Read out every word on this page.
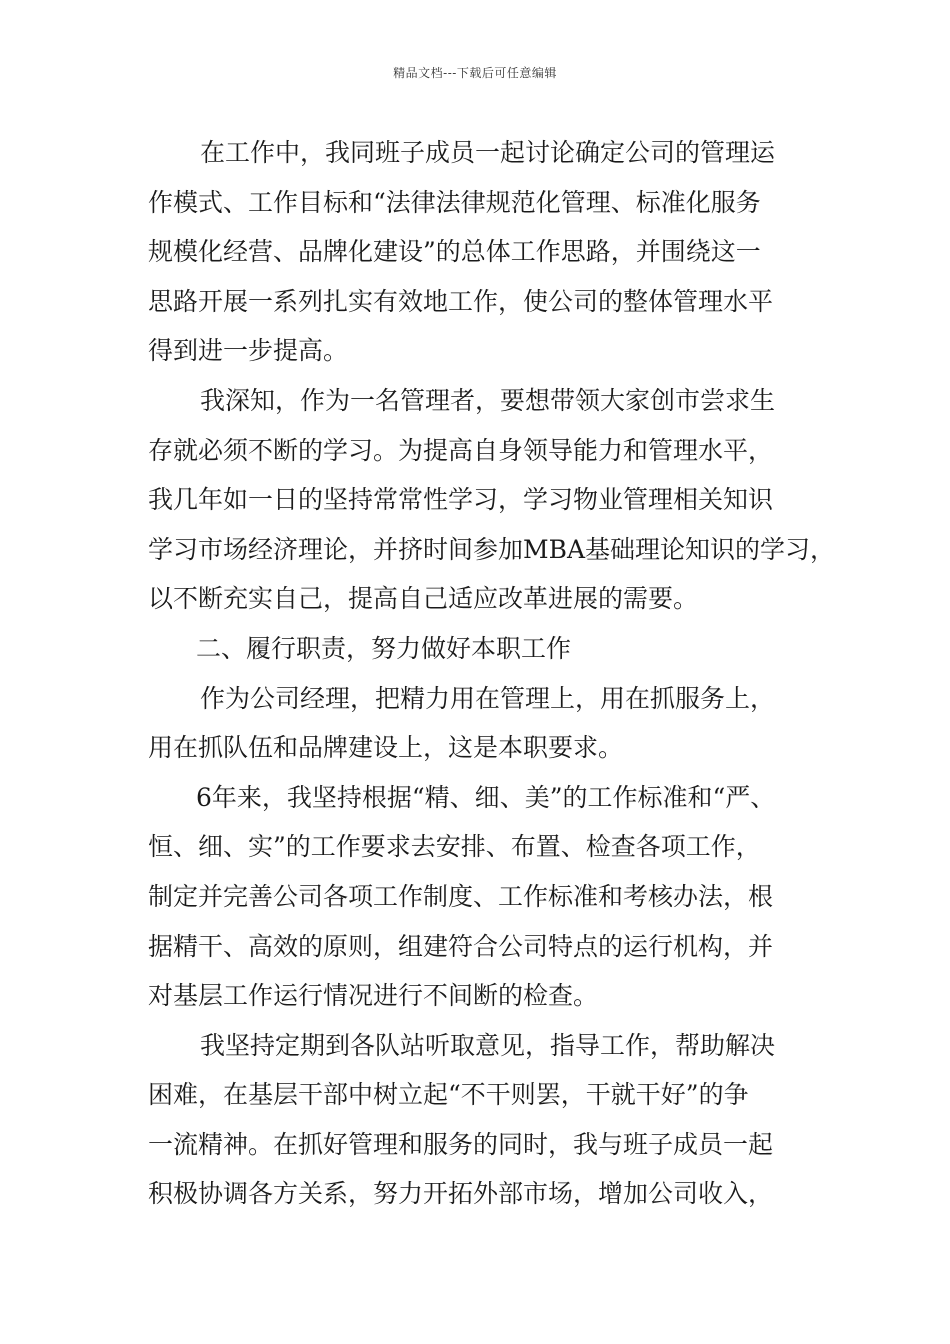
精品文档---下载后可任意编辑
在工作中，我同班子成员一起讨论确定公司的管理运
作模式、工作目标和“法律法律规范化管理、标准化服务
规模化经营、品牌化建设”的总体工作思路，并围绕这一
思路开展一系列扎实有效地工作，使公司的整体管理水平
得到进一步提高。
我深知，作为一名管理者，要想带领大家创市尝求生
存就必须不断的学习。为提高自身领导能力和管理水平，
我几年如一日的坚持常常性学习，学习物业管理相关知识
学习市场经济理论，并挤时间参加MBA基础理论知识的学习，
以不断充实自己，提高自己适应改革进展的需要。
二、履行职责，努力做好本职工作
作为公司经理，把精力用在管理上，用在抓服务上，
用在抓队伍和品牌建设上，这是本职要求。
6年来，我坚持根据“精、细、美”的工作标准和“严、
恒、细、实”的工作要求去安排、布置、检查各项工作，
制定并完善公司各项工作制度、工作标准和考核办法，根
据精干、高效的原则，组建符合公司特点的运行机构，并
对基层工作运行情况进行不间断的检查。
我坚持定期到各队站听取意见，指导工作，帮助解决
困难，在基层干部中树立起“不干则罢，干就干好”的争
一流精神。在抓好管理和服务的同时，我与班子成员一起
积极协调各方关系，努力开拓外部市场，增加公司收入，
